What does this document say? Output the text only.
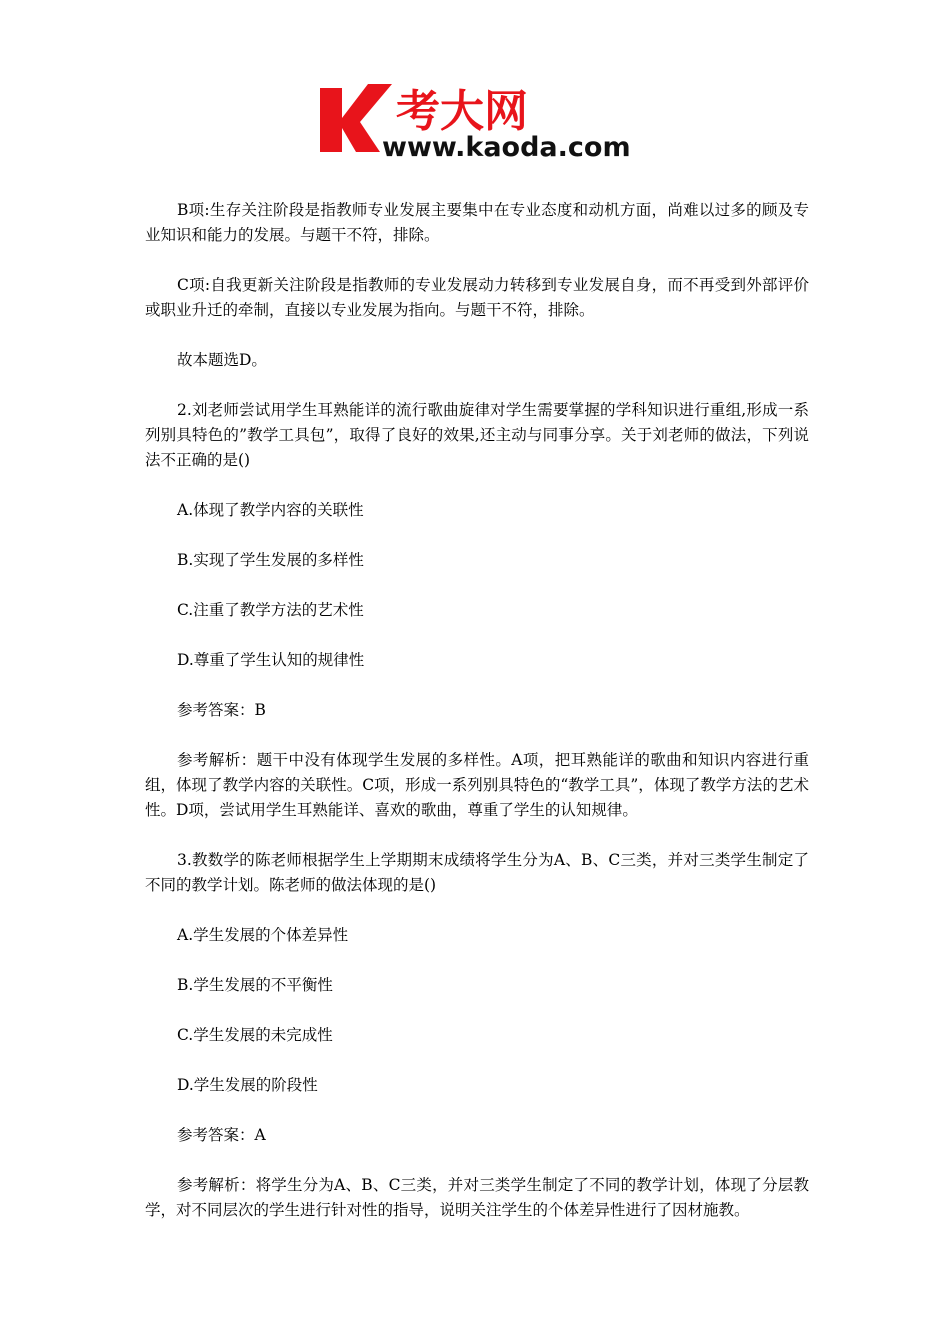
考大网
www.kaoda.com

B项:生存关注阶段是指教师专业发展主要集中在专业态度和动机方面，尚难以过多的顾及专业知识和能力的发展。与题干不符，排除。

C项:自我更新关注阶段是指教师的专业发展动力转移到专业发展自身，而不再受到外部评价或职业升迁的牵制，直接以专业发展为指向。与题干不符，排除。

故本题选D。

2.刘老师尝试用学生耳熟能详的流行歌曲旋律对学生需要掌握的学科知识进行重组,形成一系列别具特色的”教学工具包”，取得了良好的效果,还主动与同事分享。关于刘老师的做法，下列说法不正确的是()

A.体现了教学内容的关联性

B.实现了学生发展的多样性

C.注重了教学方法的艺术性

D.尊重了学生认知的规律性

参考答案：B

参考解析：题干中没有体现学生发展的多样性。A项，把耳熟能详的歌曲和知识内容进行重组，体现了教学内容的关联性。C项，形成一系列别具特色的“教学工具”，体现了教学方法的艺术性。D项，尝试用学生耳熟能详、喜欢的歌曲，尊重了学生的认知规律。

3.教数学的陈老师根据学生上学期期末成绩将学生分为A、B、C三类，并对三类学生制定了不同的教学计划。陈老师的做法体现的是()

A.学生发展的个体差异性

B.学生发展的不平衡性

C.学生发展的未完成性

D.学生发展的阶段性

参考答案：A

参考解析：将学生分为A、B、C三类，并对三类学生制定了不同的教学计划，体现了分层教学，对不同层次的学生进行针对性的指导，说明关注学生的个体差异性进行了因材施教。
